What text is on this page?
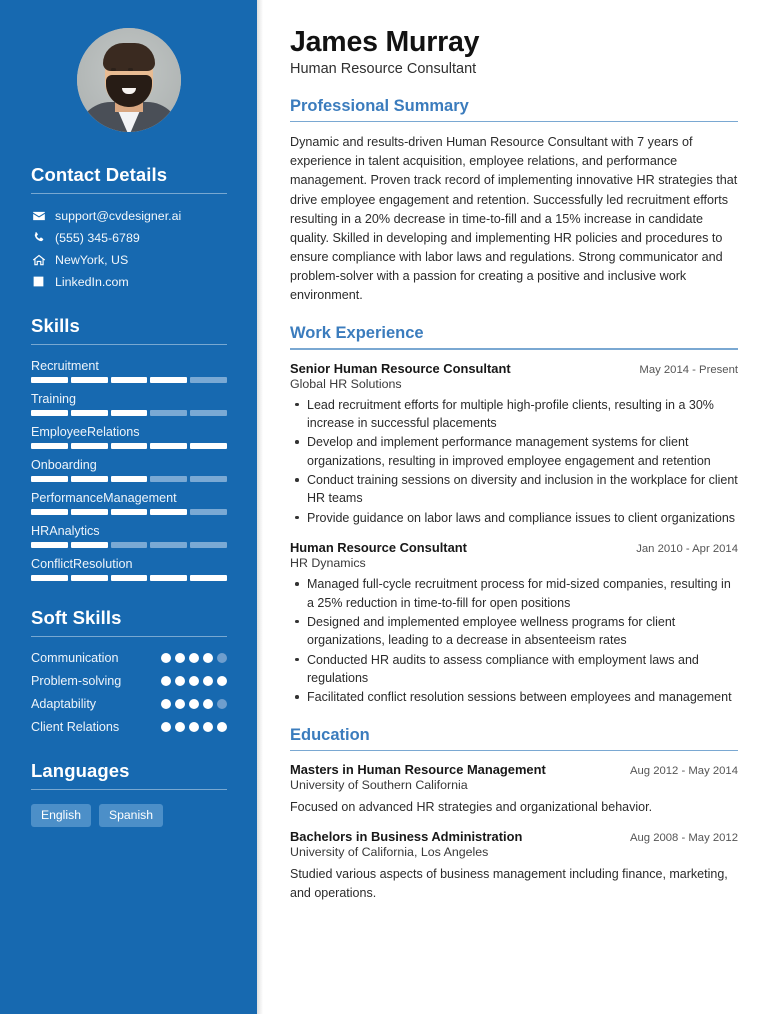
Contact Details
support@cvdesigner.ai
(555) 345-6789
NewYork, US
LinkedIn.com
Skills
Recruitment
Training
EmployeeRelations
Onboarding
PerformanceManagement
HRAnalytics
ConflictResolution
Soft Skills
Communication
Problem-solving
Adaptability
Client Relations
Languages
English	Spanish
James Murray
Human Resource Consultant
Professional Summary

Dynamic and results-driven Human Resource Consultant with 7 years of experience in talent acquisition, employee relations, and performance management. Proven track record of implementing innovative HR strategies that drive employee engagement and retention. Successfully led recruitment efforts resulting in a 20% decrease in time-to-fill and a 15% increase in candidate quality. Skilled in developing and implementing HR policies and procedures to ensure compliance with labor laws and regulations. Strong communicator and problem-solver with a passion for creating a positive and inclusive work environment.

Work Experience
Senior Human Resource Consultant	May 2014 - Present
Global HR Solutions
Lead recruitment efforts for multiple high-profile clients, resulting in a 30% increase in successful placements
Develop and implement performance management systems for client organizations, resulting in improved employee engagement and retention
Conduct training sessions on diversity and inclusion in the workplace for client HR teams
Provide guidance on labor laws and compliance issues to client organizations
Human Resource Consultant	Jan 2010 - Apr 2014
HR Dynamics
Managed full-cycle recruitment process for mid-sized companies, resulting in a 25% reduction in time-to-fill for open positions
Designed and implemented employee wellness programs for client organizations, leading to a decrease in absenteeism rates
Conducted HR audits to assess compliance with employment laws and regulations
Facilitated conflict resolution sessions between employees and management
Education
Masters in Human Resource Management	Aug 2012 - May 2014
University of Southern California
Focused on advanced HR strategies and organizational behavior.
Bachelors in Business Administration	Aug 2008 - May 2012
University of California, Los Angeles
Studied various aspects of business management including finance, marketing, and operations.
